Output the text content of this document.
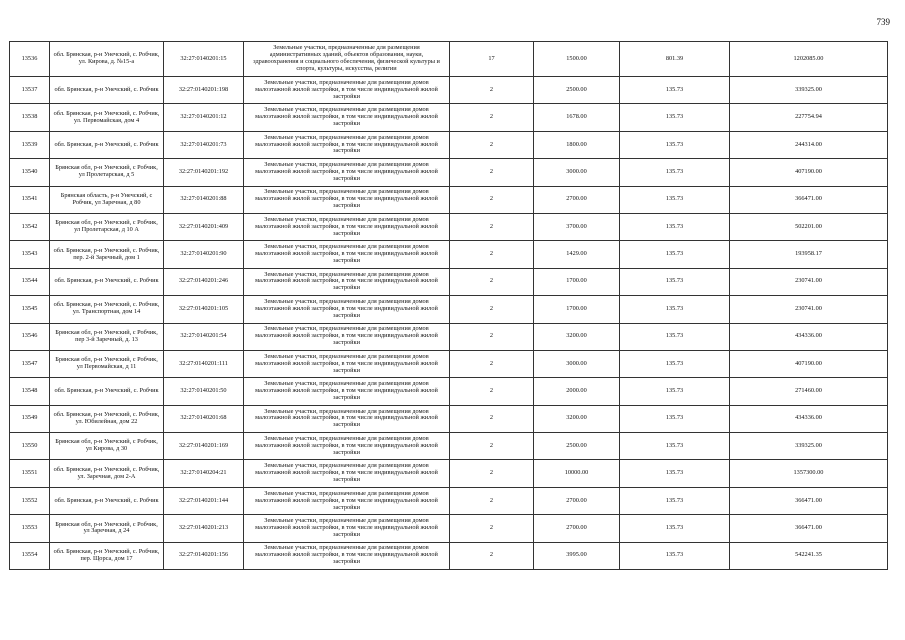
739
13536	обл. Брянская, р-н Унечский, с. Робчик, ул. Кирова, д. №15-а	32:27:0140201:15	Земельные участки, предназначенные для размещения административных зданий, объектов образования, науки, здравоохранения и социального обеспечения, физической культуры и спорта, культуры, искусства, религии	17	1500.00	801.39	1202085.00
13537	обл. Брянская, р-н Унечский, с. Робчик	32:27:0140201:198	Земельные участки, предназначенные для размещения домов малоэтажной жилой застройки, в том числе индивидуальной жилой застройки	2	2500.00	135.73	339325.00
13538	обл. Брянская, р-н Унечский, с. Робчик, ул. Первомайская, дом 4	32:27:0140201:12	Земельные участки, предназначенные для размещения домов малоэтажной жилой застройки, в том числе индивидуальной жилой застройки	2	1678.00	135.73	227754.94
13539	обл. Брянская, р-н Унечский, с. Робчик	32:27:0140201:73	Земельные участки, предназначенные для размещения домов малоэтажной жилой застройки, в том числе индивидуальной жилой застройки	2	1800.00	135.73	244314.00
13540	Брянская обл, р-н Унечский, с Робчик, ул Пролетарская, д 5	32:27:0140201:192	Земельные участки, предназначенные для размещения домов малоэтажной жилой застройки, в том числе индивидуальной жилой застройки	2	3000.00	135.73	407190.00
13541	Брянская область, р-н Унечский, с Робчик, ул Заречная, д 80	32:27:0140201:88	Земельные участки, предназначенные для размещения домов малоэтажной жилой застройки, в том числе индивидуальной жилой застройки	2	2700.00	135.73	366471.00
13542	Брянская обл, р-н Унечский, с Робчик, ул Пролетарская, д 10 А	32:27:0140201:409	Земельные участки, предназначенные для размещения домов малоэтажной жилой застройки, в том числе индивидуальной жилой застройки	2	3700.00	135.73	502201.00
13543	обл. Брянская, р-н Унечский, с. Робчик, пер. 2-й Заречный, дом 1	32:27:0140201:90	Земельные участки, предназначенные для размещения домов малоэтажной жилой застройки, в том числе индивидуальной жилой застройки	2	1429.00	135.73	193958.17
13544	обл. Брянская, р-н Унечский, с. Робчик	32:27:0140201:246	Земельные участки, предназначенные для размещения домов малоэтажной жилой застройки, в том числе индивидуальной жилой застройки	2	1700.00	135.73	230741.00
13545	обл. Брянская, р-н Унечский, с. Робчик, ул. Транспортная, дом 14	32:27:0140201:105	Земельные участки, предназначенные для размещения домов малоэтажной жилой застройки, в том числе индивидуальной жилой застройки	2	1700.00	135.73	230741.00
13546	Брянская обл, р-н Унечский, с Робчик, пер 3-й Заречный, д. 13	32:27:0140201:54	Земельные участки, предназначенные для размещения домов малоэтажной жилой застройки, в том числе индивидуальной жилой застройки	2	3200.00	135.73	434336.00
13547	Брянская обл, р-н Унечский, с Робчик, ул Первомайская, д 11	32:27:0140201:111	Земельные участки, предназначенные для размещения домов малоэтажной жилой застройки, в том числе индивидуальной жилой застройки	2	3000.00	135.73	407190.00
13548	обл. Брянская, р-н Унечский, с. Робчик	32:27:0140201:50	Земельные участки, предназначенные для размещения домов малоэтажной жилой застройки, в том числе индивидуальной жилой застройки	2	2000.00	135.73	271460.00
13549	обл. Брянская, р-н Унечский, с. Робчик, ул. Юбилейная, дом 22	32:27:0140201:68	Земельные участки, предназначенные для размещения домов малоэтажной жилой застройки, в том числе индивидуальной жилой застройки	2	3200.00	135.73	434336.00
13550	Брянская обл, р-н Унечский, с Робчик, ул Кирова, д 30	32:27:0140201:169	Земельные участки, предназначенные для размещения домов малоэтажной жилой застройки, в том числе индивидуальной жилой застройки	2	2500.00	135.73	339325.00
13551	обл. Брянская, р-н Унечский, с. Робчик, ул. Заречная, дом 2-А	32:27:0140204:21	Земельные участки, предназначенные для размещения домов малоэтажной жилой застройки, в том числе индивидуальной жилой застройки	2	10000.00	135.73	1357300.00
13552	обл. Брянская, р-н Унечский, с. Робчик	32:27:0140201:144	Земельные участки, предназначенные для размещения домов малоэтажной жилой застройки, в том числе индивидуальной жилой застройки	2	2700.00	135.73	366471.00
13553	Брянская обл, р-н Унечский, с Робчик, ул Заречная, д 24	32:27:0140201:213	Земельные участки, предназначенные для размещения домов малоэтажной жилой застройки, в том числе индивидуальной жилой застройки	2	2700.00	135.73	366471.00
13554	обл. Брянская, р-н Унечский, с. Робчик, пер. Щорса, дом 17	32:27:0140201:156	Земельные участки, предназначенные для размещения домов малоэтажной жилой застройки, в том числе индивидуальной жилой застройки	2	3995.00	135.73	542241.35
